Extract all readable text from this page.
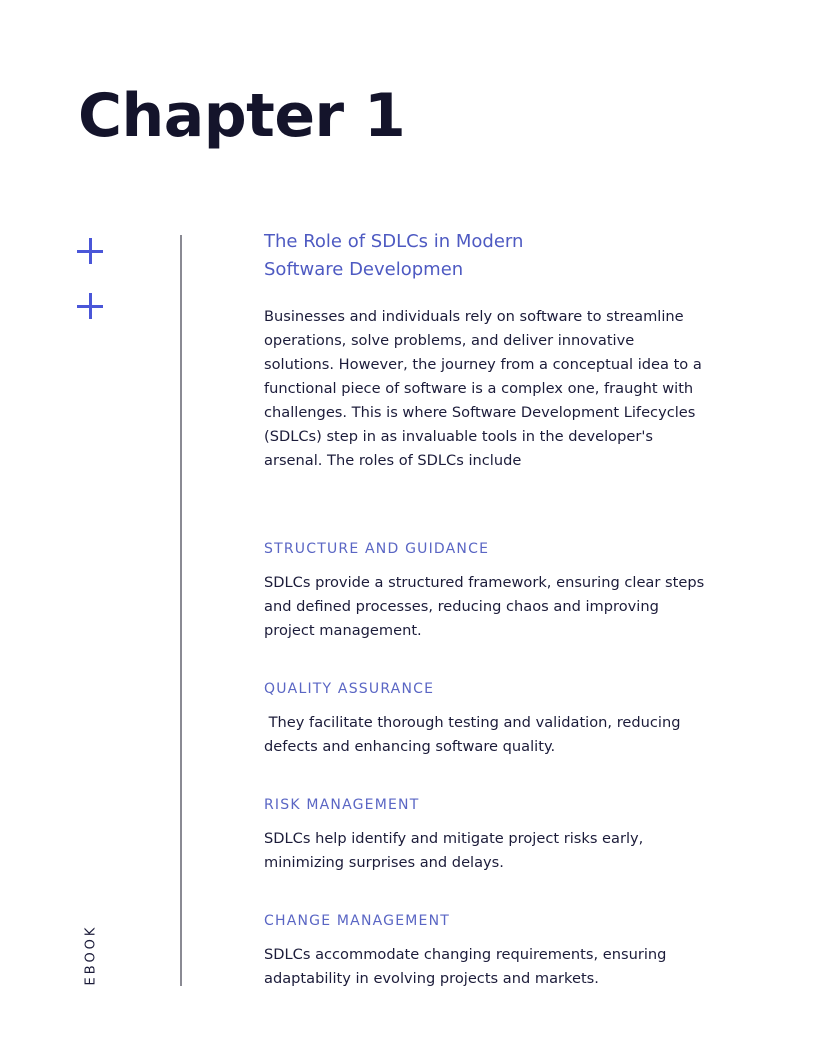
Chapter 1
EBOOK
The Role of SDLCs in Modern
Software Developmen

Businesses and individuals rely on software to streamline operations, solve problems, and deliver innovative solutions. However, the journey from a conceptual idea to a functional piece of software is a complex one, fraught with challenges. This is where Software Development Lifecycles (SDLCs) step in as invaluable tools in the developer's arsenal. The roles of SDLCs include

STRUCTURE AND GUIDANCE

SDLCs provide a structured framework, ensuring clear steps and defined processes, reducing chaos and improving project management.

QUALITY ASSURANCE

They facilitate thorough testing and validation, reducing defects and enhancing software quality.

RISK MANAGEMENT

SDLCs help identify and mitigate project risks early, minimizing surprises and delays.

CHANGE MANAGEMENT

SDLCs accommodate changing requirements, ensuring adaptability in evolving projects and markets.
